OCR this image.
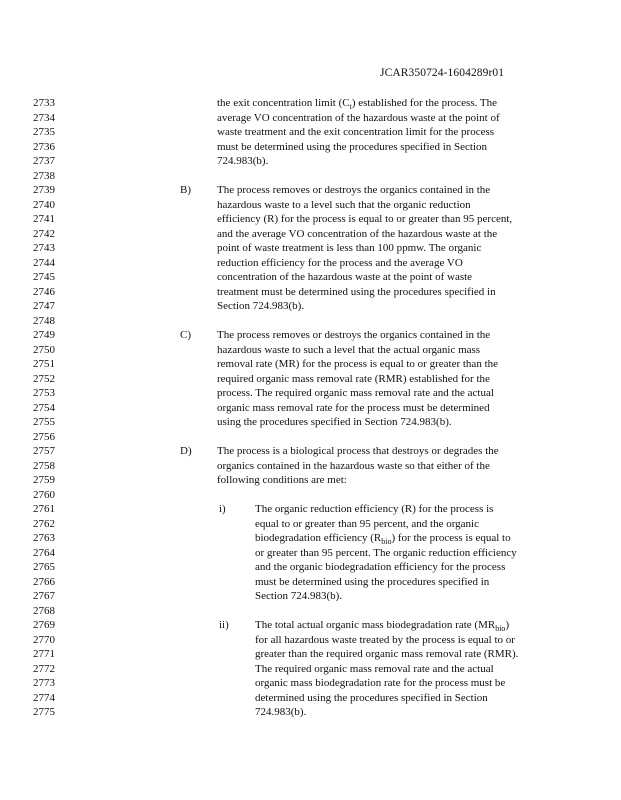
JCAR350724-1604289r01
2733
2734
2735
2736
2737
2738
2739
2740
2741
2742
2743
2744
2745
2746
2747
2748
2749
2750
2751
2752
2753
2754
2755
2756
2757
2758
2759
2760
2761
2762
2763
2764
2765
2766
2767
2768
2769
2770
2771
2772
2773
2774
2775
the exit concentration limit $(C_t)$ established for the process. The
average VO concentration of the hazardous waste at the point of
waste treatment and the exit concentration limit for the process
must be determined using the procedures specified in Section
724.983(b).
B) The process removes or destroys the organics contained in the
hazardous waste to a level such that the organic reduction
efficiency (R) for the process is equal to or greater than 95 percent,
and the average VO concentration of the hazardous waste at the
point of waste treatment is less than 100 ppmw. The organic
reduction efficiency for the process and the average VO
concentration of the hazardous waste at the point of waste
treatment must be determined using the procedures specified in
Section 724.983(b).
C) The process removes or destroys the organics contained in the
hazardous waste to such a level that the actual organic mass
removal rate (MR) for the process is equal to or greater than the
required organic mass removal rate (RMR) established for the
process. The required organic mass removal rate and the actual
organic mass removal rate for the process must be determined
using the procedures specified in Section 724.983(b).
D) The process is a biological process that destroys or degrades the
organics contained in the hazardous waste so that either of the
following conditions are met:
i)	The organic reduction efficiency (R) for the process is
equal to or greater than 95 percent, and the organic
biodegradation efficiency $(R_{bio})$ for the process is equal to
or greater than 95 percent. The organic reduction efficiency
and the organic biodegradation efficiency for the process
must be determined using the procedures specified in
Section 724.983(b).
ii) The total actual organic mass biodegradation rate $(MR_{bio})$
for all hazardous waste treated by the process is equal to or
greater than the required organic mass removal rate (RMR).
The required organic mass removal rate and the actual
organic mass biodegradation rate for the process must be
determined using the procedures specified in Section
724.983(b).
